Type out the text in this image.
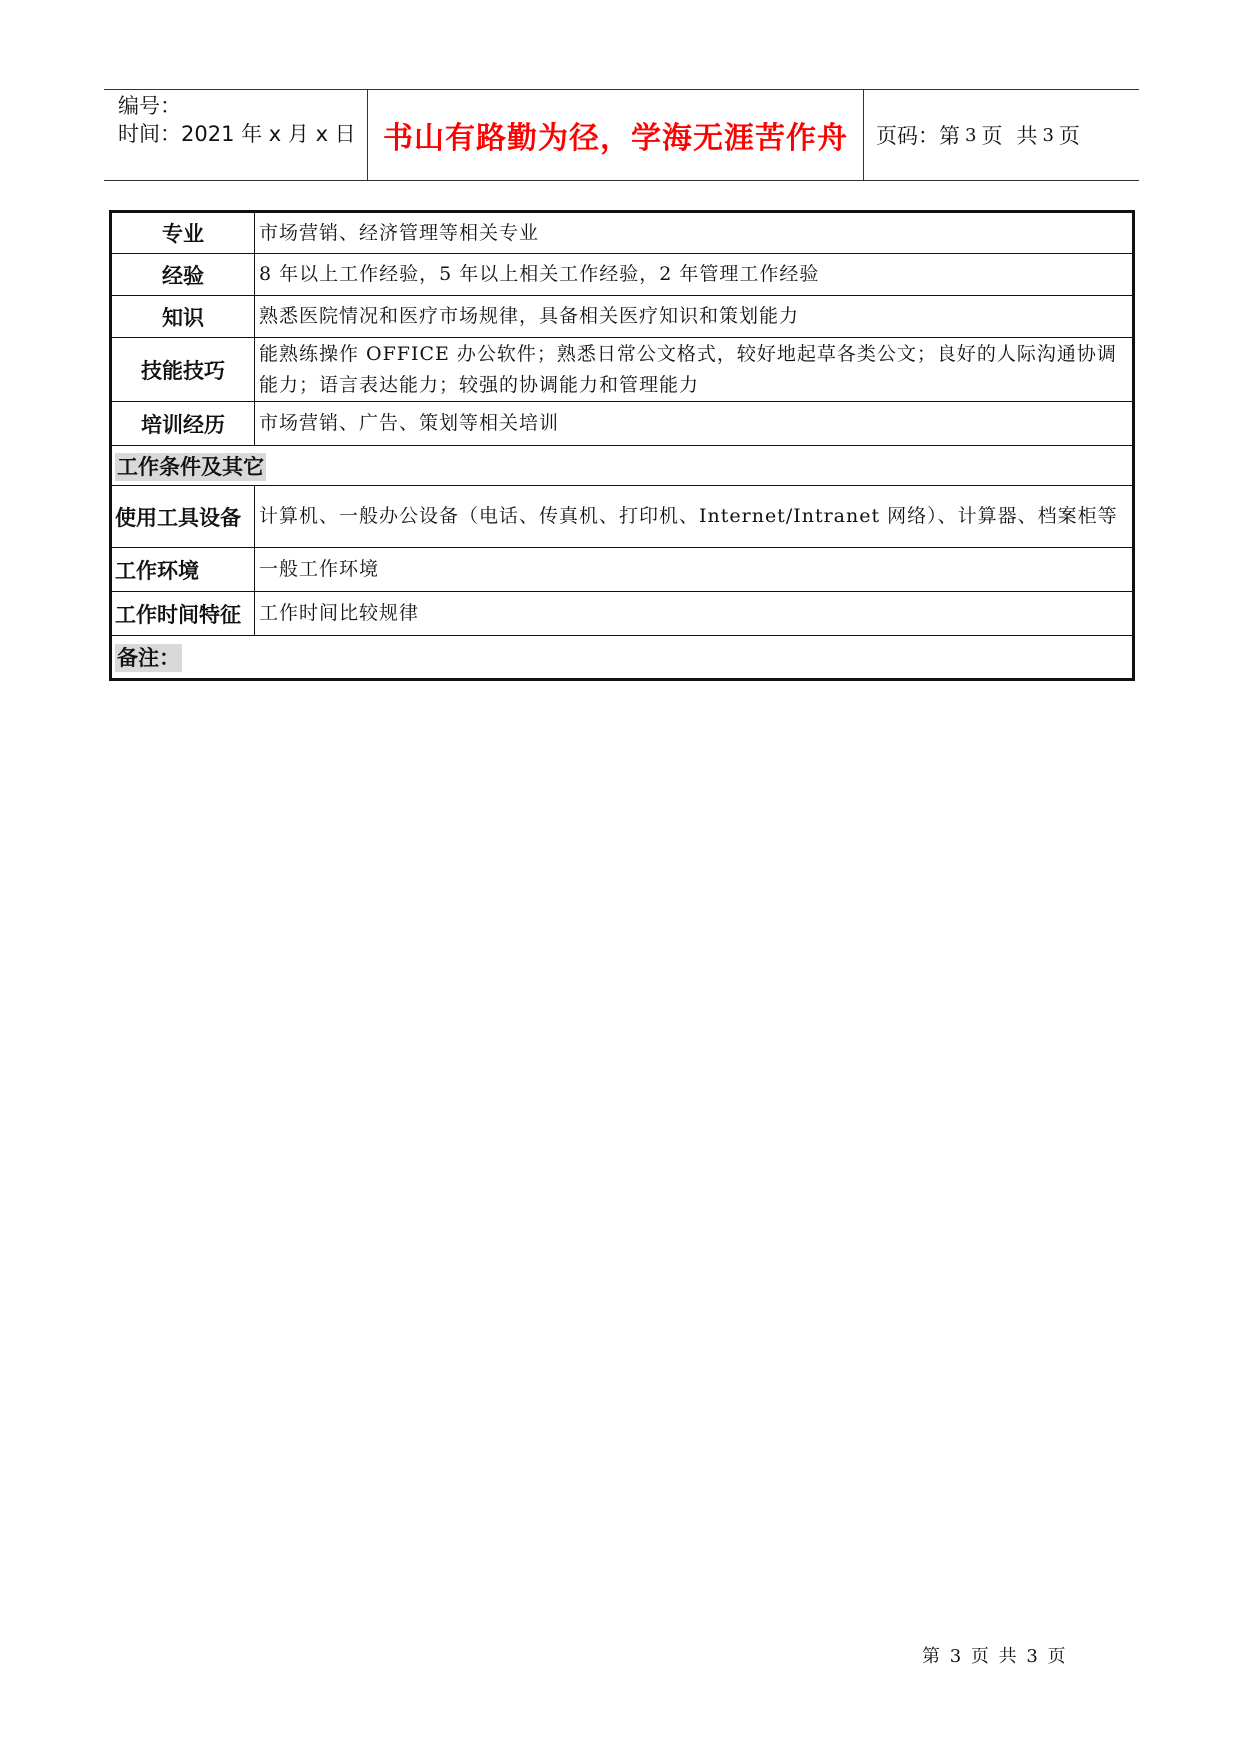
编号：
时间：2021 年 x 月 x 日 书山有路勤为径，学海无涯苦作舟	页码：第 3 页 共 3 页
专业	市场营销、经济管理等相关专业
经验	8 年以上工作经验，5 年以上相关工作经验，2 年管理工作经验
知识	熟悉医院情况和医疗市场规律，具备相关医疗知识和策划能力
技能技巧	能熟练操作 OFFICE 办公软件；熟悉日常公文格式，较好地起草各类公文；良好的人际沟通协调能力；语言表达能力；较强的协调能力和管理能力
培训经历	市场营销、广告、策划等相关培训
工作条件及其它	
使用工具设备	计算机、一般办公设备（电话、传真机、打印机、Internet/Intranet 网络）、计算器、档案柜等
工作环境	一般工作环境
工作时间特征	工作时间比较规律
备注：	
第 3 页 共 3 页
